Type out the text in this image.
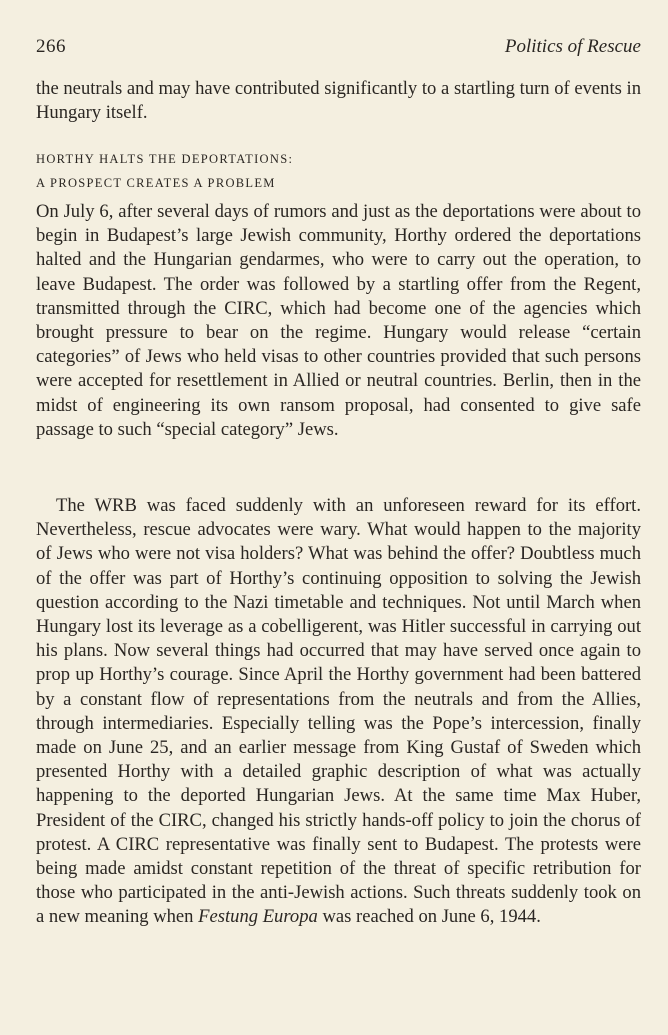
266	Politics of Rescue

the neutrals and may have contributed significantly to a startling turn of events in Hungary itself.

HORTHY HALTS THE DEPORTATIONS:
A PROSPECT CREATES A PROBLEM

On July 6, after several days of rumors and just as the deportations were about to begin in Budapest’s large Jewish community, Horthy ordered the deportations halted and the Hungarian gendarmes, who were to carry out the operation, to leave Budapest. The order was followed by a startling offer from the Regent, transmitted through the CIRC, which had become one of the agencies which brought pressure to bear on the regime. Hungary would release “certain categories” of Jews who held visas to other countries provided that such persons were accepted for resettlement in Allied or neutral countries. Berlin, then in the midst of engineering its own ransom proposal, had consented to give safe passage to such “special category” Jews.

The WRB was faced suddenly with an unforeseen reward for its effort. Nevertheless, rescue advocates were wary. What would happen to the majority of Jews who were not visa holders? What was behind the offer? Doubtless much of the offer was part of Horthy’s continuing opposition to solving the Jewish question according to the Nazi timetable and techniques. Not until March when Hungary lost its leverage as a cobelligerent, was Hitler successful in carrying out his plans. Now several things had occurred that may have served once again to prop up Horthy’s courage. Since April the Horthy government had been battered by a constant flow of representations from the neutrals and from the Allies, through intermediaries. Especially telling was the Pope’s intercession, finally made on June 25, and an earlier message from King Gustaf of Sweden which presented Horthy with a detailed graphic description of what was actually happening to the deported Hungarian Jews. At the same time Max Huber, President of the CIRC, changed his strictly hands-off policy to join the chorus of protest. A CIRC representative was finally sent to Budapest. The protests were being made amidst constant repetition of the threat of specific retribution for those who participated in the anti-Jewish actions. Such threats suddenly took on a new meaning when Festung Europa was reached on June 6, 1944.
